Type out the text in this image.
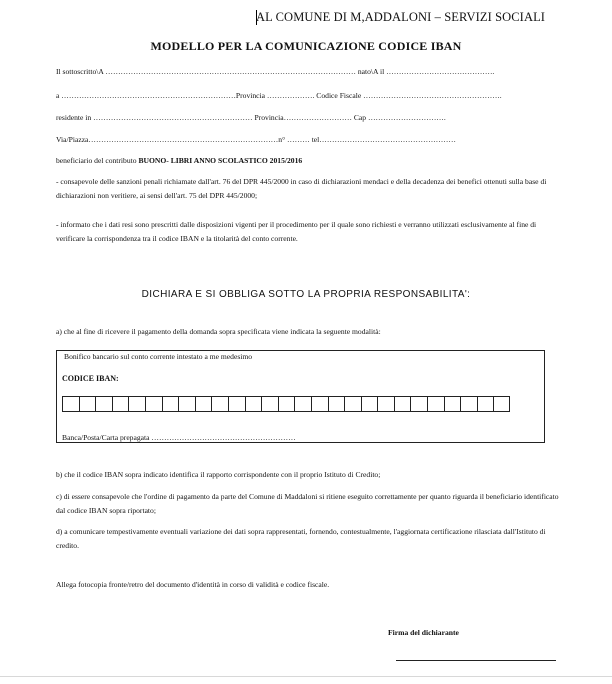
AL COMUNE DI M,ADDALONI – SERVIZI SOCIALI
MODELLO PER LA COMUNICAZIONE CODICE IBAN
Il sottoscritto\A ……………………………………………………………………………………… nato\A il …………………………………….
a ……………………………………………………………Provincia ………………. Codice Fiscale ……………………………………………….
residente in ……………………………………………………… Provincia……………………… Cap ………………………….
Via/Piazza…………………………………………………………………n° ……… tel………………………………………………
beneficiario del contributo BUONO- LIBRI ANNO SCOLASTICO 2015/2016
- consapevole delle sanzioni penali richiamate dall'art. 76 del DPR 445/2000 in caso di dichiarazioni mendaci e della decadenza dei benefici ottenuti sulla base di dichiarazioni non veritiere, ai sensi dell'art. 75 del DPR 445/2000;
- informato che i dati resi sono prescritti dalle disposizioni vigenti per il procedimento per il quale sono richiesti e verranno utilizzati esclusivamente al fine di verificare la corrispondenza tra il codice IBAN e la titolarità del conto corrente.
DICHIARA E SI OBBLIGA SOTTO LA PROPRIA RESPONSABILITA':
a) che al fine di ricevere il pagamento della domanda sopra specificata viene indicata la seguente modalità:
Bonifico bancario sul conto corrente intestato a me medesimo
CODICE IBAN:
Banca/Posta/Carta prepagata …………………………………………………
b) che il codice IBAN sopra indicato identifica il rapporto corrispondente con il proprio Istituto di Credito;
c) di essere consapevole che l'ordine di pagamento da parte del Comune di Maddaloni si ritiene eseguito correttamente per quanto riguarda il beneficiario identificato dal codice IBAN sopra riportato;
d) a comunicare tempestivamente eventuali variazione dei dati sopra rappresentati, fornendo, contestualmente, l'aggiornata certificazione rilasciata dall'Istituto di credito.
Allega fotocopia fronte/retro del documento d'identità in corso di validità e codice fiscale.
Firma del dichiarante
